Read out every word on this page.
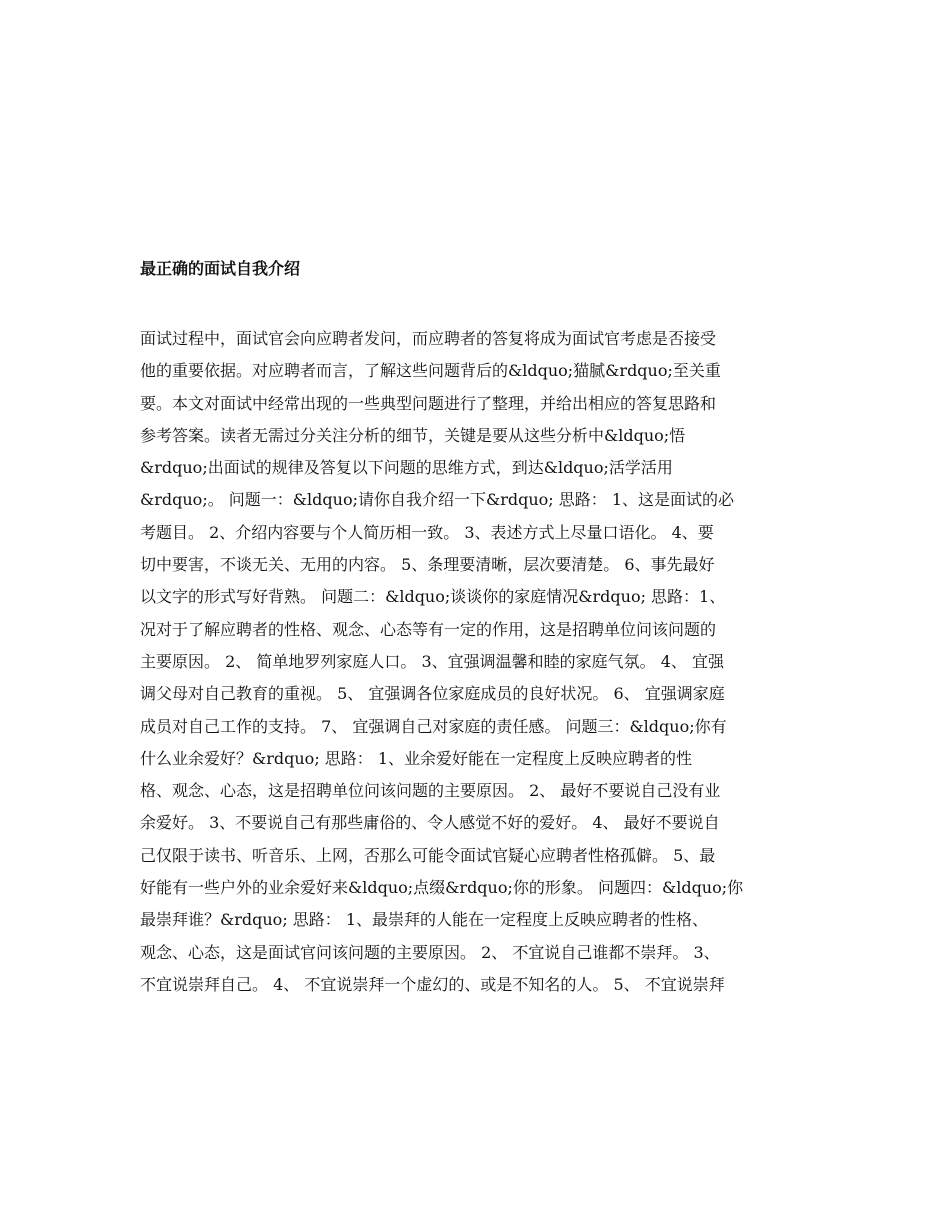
最正确的面试自我介绍
面试过程中，面试官会向应聘者发问，而应聘者的答复将成为面试官考虑是否接受
他的重要依据。对应聘者而言，了解这些问题背后的&ldquo;猫腻&rdquo;至关重
要。本文对面试中经常出现的一些典型问题进行了整理，并给出相应的答复思路和
参考答案。读者无需过分关注分析的细节，关键是要从这些分析中&ldquo;悟
&rdquo;出面试的规律及答复以下问题的思维方式，到达&ldquo;活学活用
&rdquo;。 问题一：&ldquo;请你自我介绍一下&rdquo; 思路： 1、这是面试的必
考题目。 2、介绍内容要与个人简历相一致。 3、表述方式上尽量口语化。 4、要
切中要害，不谈无关、无用的内容。 5、条理要清晰，层次要清楚。 6、事先最好
以文字的形式写好背熟。 问题二：&ldquo;谈谈你的家庭情况&rdquo; 思路：1、
况对于了解应聘者的性格、观念、心态等有一定的作用，这是招聘单位问该问题的
主要原因。 2、 简单地罗列家庭人口。 3、宜强调温馨和睦的家庭气氛。 4、 宜强
调父母对自己教育的重视。 5、 宜强调各位家庭成员的良好状况。 6、 宜强调家庭
成员对自己工作的支持。 7、 宜强调自己对家庭的责任感。 问题三：&ldquo;你有
什么业余爱好？&rdquo; 思路： 1、业余爱好能在一定程度上反映应聘者的性
格、观念、心态，这是招聘单位问该问题的主要原因。 2、 最好不要说自己没有业
余爱好。 3、不要说自己有那些庸俗的、令人感觉不好的爱好。 4、 最好不要说自
己仅限于读书、听音乐、上网，否那么可能令面试官疑心应聘者性格孤僻。 5、最
好能有一些户外的业余爱好来&ldquo;点缀&rdquo;你的形象。 问题四：&ldquo;你
最崇拜谁？&rdquo; 思路： 1、最崇拜的人能在一定程度上反映应聘者的性格、
观念、心态，这是面试官问该问题的主要原因。 2、 不宜说自己谁都不崇拜。 3、
不宜说崇拜自己。 4、 不宜说崇拜一个虚幻的、或是不知名的人。 5、 不宜说崇拜
